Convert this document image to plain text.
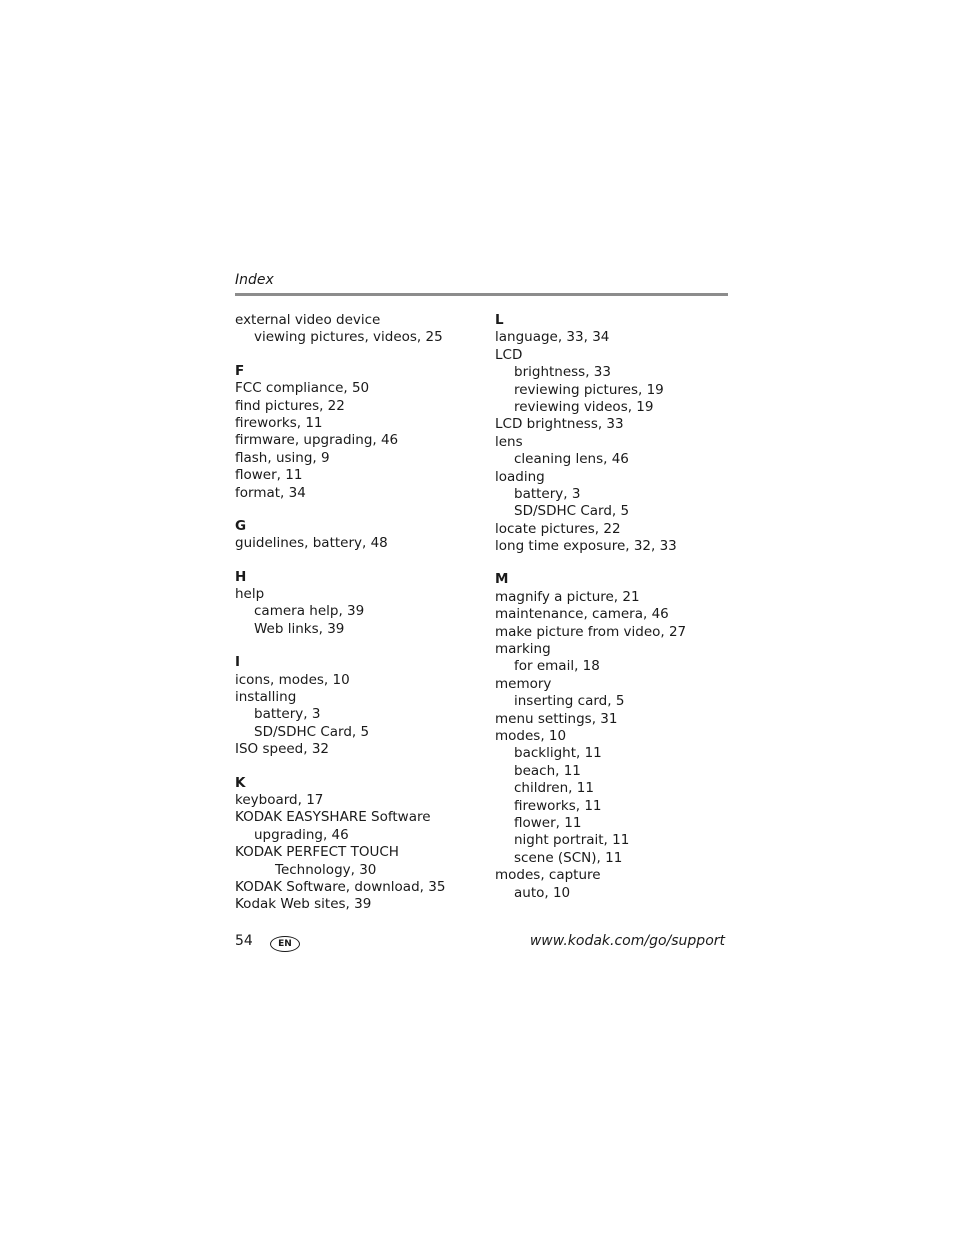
Index
external video device
viewing pictures, videos, 25
F
FCC compliance, 50
find pictures, 22
fireworks, 11
firmware, upgrading, 46
flash, using, 9
flower, 11
format, 34
G
guidelines, battery, 48
H
help
camera help, 39
Web links, 39
I
icons, modes, 10
installing
battery, 3
SD/SDHC Card, 5
ISO speed, 32
K
keyboard, 17
KODAK EASYSHARE Software
upgrading, 46
KODAK PERFECT TOUCH
Technology, 30
KODAK Software, download, 35
Kodak Web sites, 39
L
language, 33, 34
LCD
brightness, 33
reviewing pictures, 19
reviewing videos, 19
LCD brightness, 33
lens
cleaning lens, 46
loading
battery, 3
SD/SDHC Card, 5
locate pictures, 22
long time exposure, 32, 33
M
magnify a picture, 21
maintenance, camera, 46
make picture from video, 27
marking
for email, 18
memory
inserting card, 5
menu settings, 31
modes, 10
backlight, 11
beach, 11
children, 11
fireworks, 11
flower, 11
night portrait, 11
scene (SCN), 11
modes, capture
auto, 10
54	EN	www.kodak.com/go/support
